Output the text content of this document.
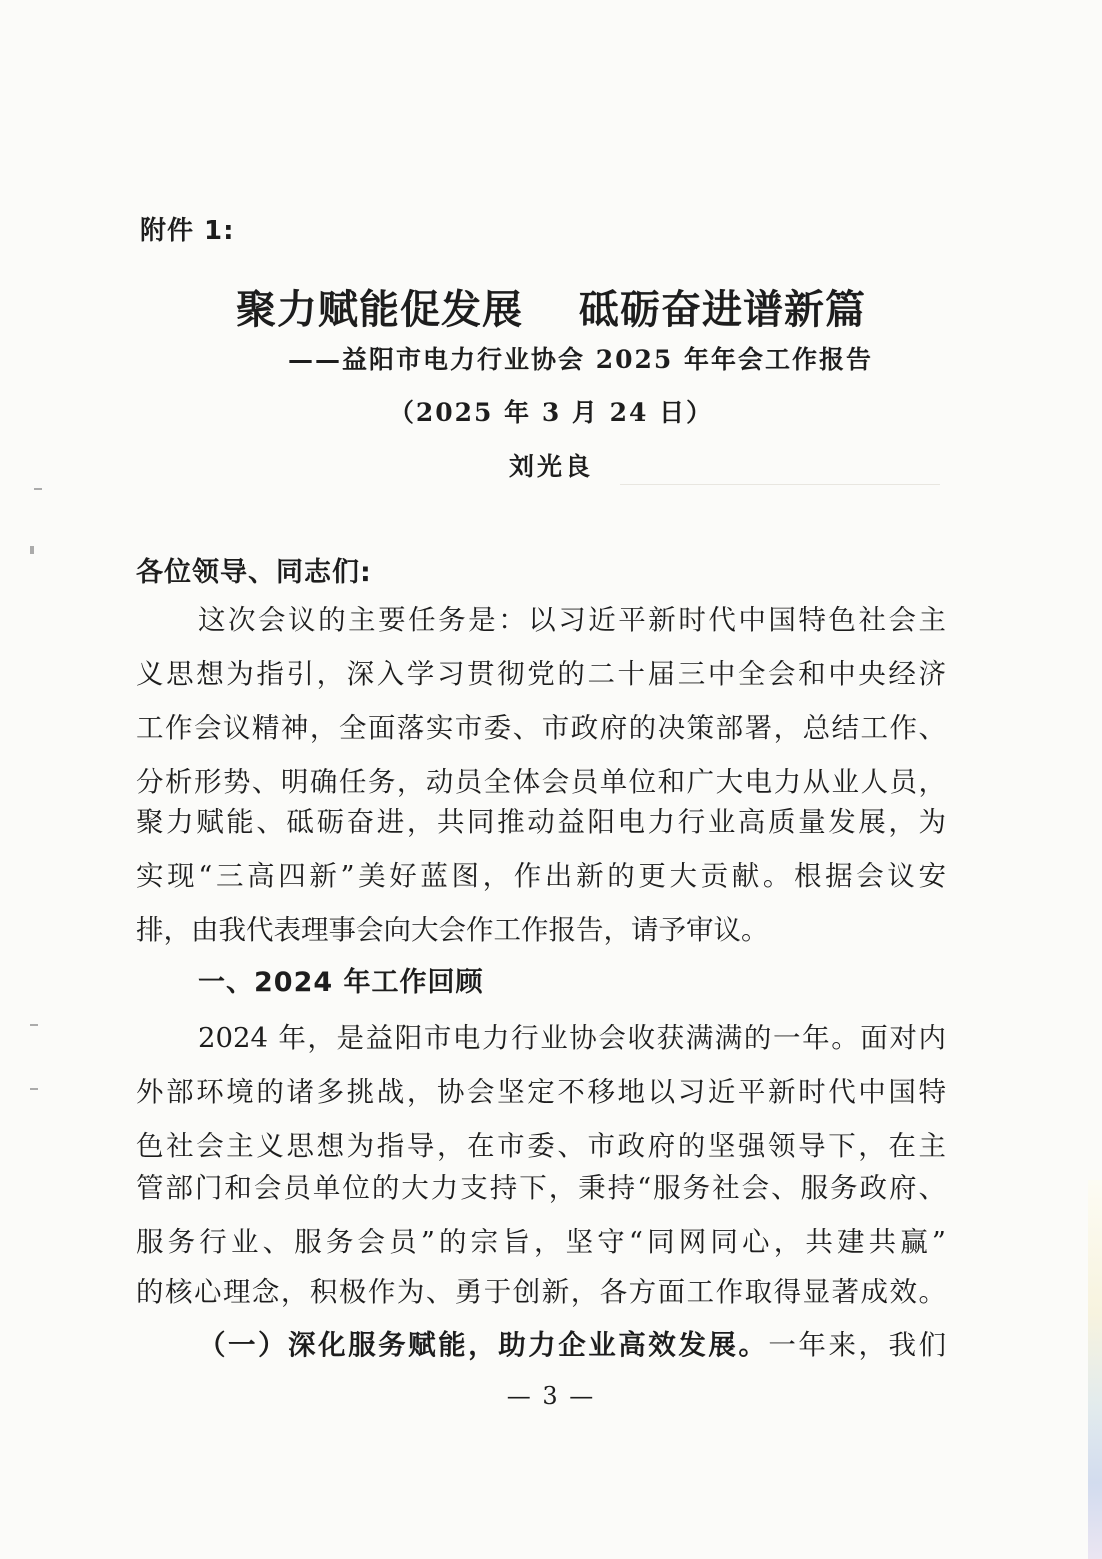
附件 1:
聚力赋能促发展　 砥砺奋进谱新篇
——益阳市电力行业协会 2025 年年会工作报告
（2025 年 3 月 24 日）
刘光良
各位领导、同志们:
这次会议的主要任务是：以习近平新时代中国特色社会主
义思想为指引，深入学习贯彻党的二十届三中全会和中央经济
工作会议精神，全面落实市委、市政府的决策部署，总结工作、
分析形势、明确任务，动员全体会员单位和广大电力从业人员，
聚力赋能、砥砺奋进，共同推动益阳电力行业高质量发展，为
实现“三高四新”美好蓝图，作出新的更大贡献。根据会议安
排，由我代表理事会向大会作工作报告，请予审议。
一、2024 年工作回顾
2024 年，是益阳市电力行业协会收获满满的一年。面对内
外部环境的诸多挑战，协会坚定不移地以习近平新时代中国特
色社会主义思想为指导，在市委、市政府的坚强领导下，在主
管部门和会员单位的大力支持下，秉持“服务社会、服务政府、
服务行业、服务会员”的宗旨，坚守“同网同心，共建共赢”
的核心理念，积极作为、勇于创新，各方面工作取得显著成效。
（一）深化服务赋能，助力企业高效发展。一年来，我们
— 3 —
